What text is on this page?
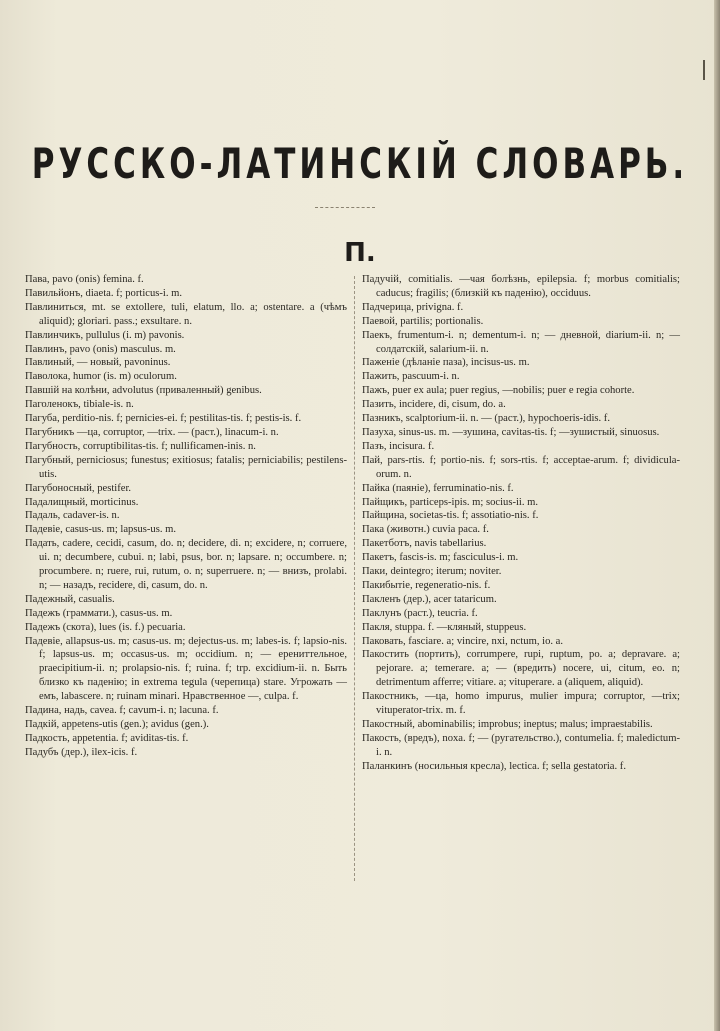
РУССКО-ЛАТИНСКІЙ СЛОВАРЬ.
П.

Пава, pavo (onis) femina. f.

Павильйонъ, diaeta. f; porticus-i. m.

Павлиниться, mt. se extollere, tuli, elatum, llo. a; ostentare. a (чѣмъ aliquid); gloriari. pass.; exsultare. n.

Павлинчикъ, pullulus (i. m) pavonis.

Павлинъ, pavo (onis) masculus. m.

Павлиный, — новый, pavoninus.

Паволока, humor (is. m) oculorum.

Павшій на колѣни, advolutus (приваленный) genibus.

Паголенокъ, tibiale-is. n.

Пагуба, perditio-nis. f; pernicies-ei. f; pestilitas-tis. f; pestis-is. f.

Пагубникъ —ца, corruptor, —trix. — (раст.), linacum-i. n.

Пагубность, corruptibilitas-tis. f; nullificamen-inis. n.

Пагубный, perniciosus; funestus; exitiosus; fatalis; perniciabilis; pestilens-utis.

Пагубоносный, pestifer.

Падалищный, morticinus.

Падаль, cadaver-is. n.

Падевіе, casus-us. m; lapsus-us. m.

Падать, cadere, cecidi, casum, do. n; decidere, di. n; excidere, n; corruere, ui. n; decumbere, cubui. n; labi, psus, bor. n; lapsare. n; occumbere. n; procumbere. n; ruere, rui, rutum, o. n; superruere. n; — внизъ, prolabi. n; — назадъ, recidere, di, casum, do. n.

Падежный, casualis.

Падежъ (граммати.), casus-us. m.

Падежъ (скота), lues (is. f.) pecuaria.

Падевіе, allapsus-us. m; casus-us. m; dejectus-us. m; labes-is. f; lapsio-nis. f; lapsus-us. m; occasus-us. m; occidium. n; — ерениттельное, praecipitium-ii. n; prolapsio-nis. f; ruina. f; trp. excidium-ii. n. Быть близко къ паденію; in extrema tegula (черепица) stare. Угрожать —емъ, labascere. n; ruinam minari. Нравственное —, culpa. f.

Падина, надь, cavea. f; cavum-i. n; lacuna. f.

Падкій, appetens-utis (gen.); avidus (gen.).

Падкость, appetentia. f; aviditas-tis. f.

Падубъ (дер.), ilex-icis. f.

Падучій, comitialis. —чая болѣзнь, epilepsia. f; morbus comitialis; caducus; fragilis; (близкій къ паденію), occiduus.

Падчерица, privigna. f.

Паевой, partilis; portionalis.

Паекъ, frumentum-i. n; dementum-i. n; — дневной, diarium-ii. n; — солдатскій, salarium-ii. n.

Паженіе (дѣланіе паза), incisus-us. m.

Пажить, pascuum-i. n.

Пажъ, puer ex aula; puer regius, —nobilis; puer e regia cohorte.

Пазить, incidere, di, cisum, do. a.

Пазникъ, scalptorium-ii. n. — (раст.), hypochoeris-idis. f.

Пазуха, sinus-us. m. —зушина, cavitas-tis. f; —зушистый, sinuosus.

Пазъ, incisura. f.

Пай, pars-rtis. f; portio-nis. f; sors-rtis. f; acceptae-arum. f; dividicula-orum. n.

Пайка (паяніе), ferruminatio-nis. f.

Пайщикъ, particeps-ipis. m; socius-ii. m.

Пайщина, societas-tis. f; assotiatio-nis. f.

Пака (животн.) cuvia paca. f.

Пакетботъ, navis tabellarius.

Пакетъ, fascis-is. m; fasciculus-i. m.

Паки, deintegro; iterum; noviter.

Пакибытіе, regeneratio-nis. f.

Пакленъ (дер.), acer tataricum.

Паклунъ (раст.), teucria. f.

Пакля, stuppa. f. —кляный, stuppeus.

Паковать, fasciare. a; vincire, nxi, nctum, io. a.

Пакостить (портить), corrumpere, rupi, ruptum, po. a; depravare. a; pejorare. a; temerare. a; — (вредить) nocere, ui, citum, eo. n; detrimentum afferre; vitiare. a; vituperare. a (aliquem, aliquid).

Пакостникъ, —ца, homo impurus, mulier impura; corruptor, —trix; vituperator-trix. m. f.

Пакостный, abominabilis; improbus; ineptus; malus; impraestabilis.

Пакость, (вредъ), noxa. f; — (ругательство.), contumelia. f; maledictum-i. n.

Паланкинъ (носильныя кресла), lectica. f; sella gestatoria. f.
